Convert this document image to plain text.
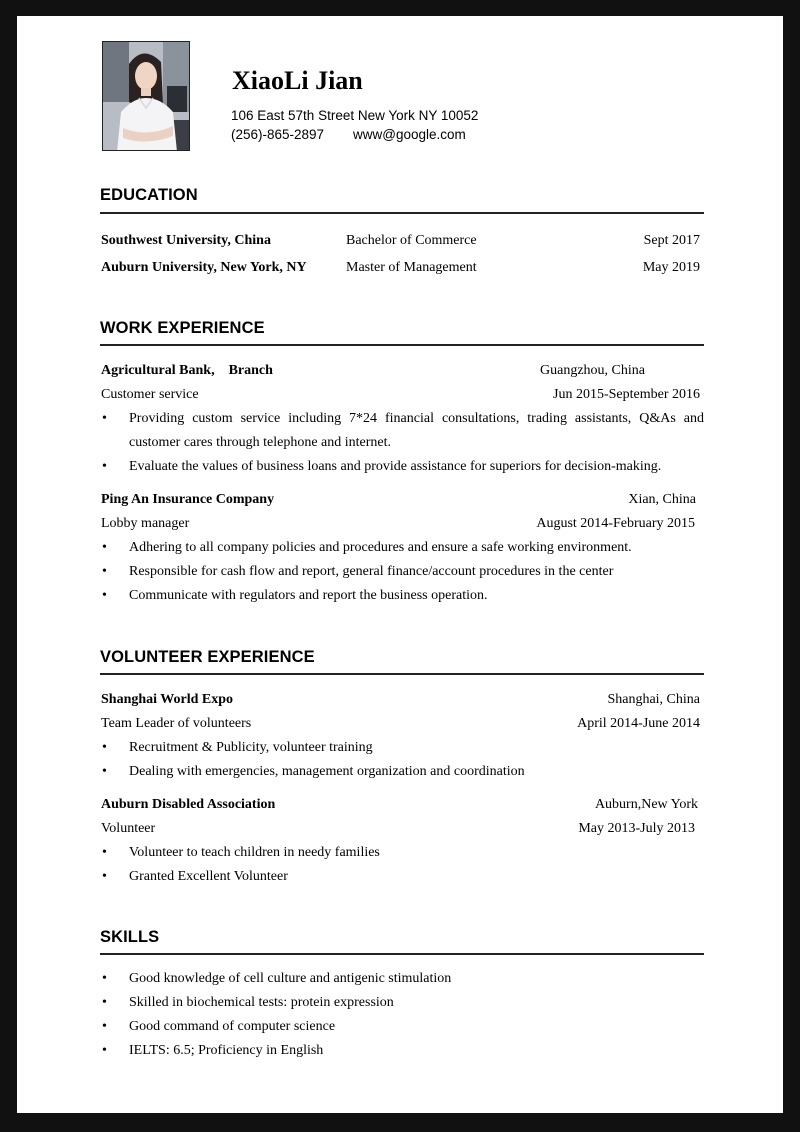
XiaoLi Jian
106 East 57th Street New York NY 10052
(256)-865-2897 www@google.com
EDUCATION
Southwest University, China	Bachelor of Commerce	Sept 2017
Auburn University, New York, NY	Master of Management	May 2019
WORK EXPERIENCE
Agricultural Bank,    Branch	Guangzhou, China
Customer service	Jun 2015-September 2016
• Providing custom service including 7*24 financial consultations, trading assistants, Q&As and customer cares through telephone and internet.
• Evaluate the values of business loans and provide assistance for superiors for decision-making.
Ping An Insurance Company	Xian, China
Lobby manager	August 2014-February 2015
• Adhering to all company policies and procedures and ensure a safe working environment.
• Responsible for cash flow and report, general finance/account procedures in the center
• Communicate with regulators and report the business operation.
VOLUNTEER EXPERIENCE
Shanghai World Expo	Shanghai, China
Team Leader of volunteers	April 2014-June 2014
• Recruitment & Publicity, volunteer training
• Dealing with emergencies, management organization and coordination
Auburn Disabled Association	Auburn,New York
Volunteer	May 2013-July 2013
• Volunteer to teach children in needy families
• Granted Excellent Volunteer
SKILLS
• Good knowledge of cell culture and antigenic stimulation
• Skilled in biochemical tests: protein expression
• Good command of computer science
• IELTS: 6.5; Proficiency in English
